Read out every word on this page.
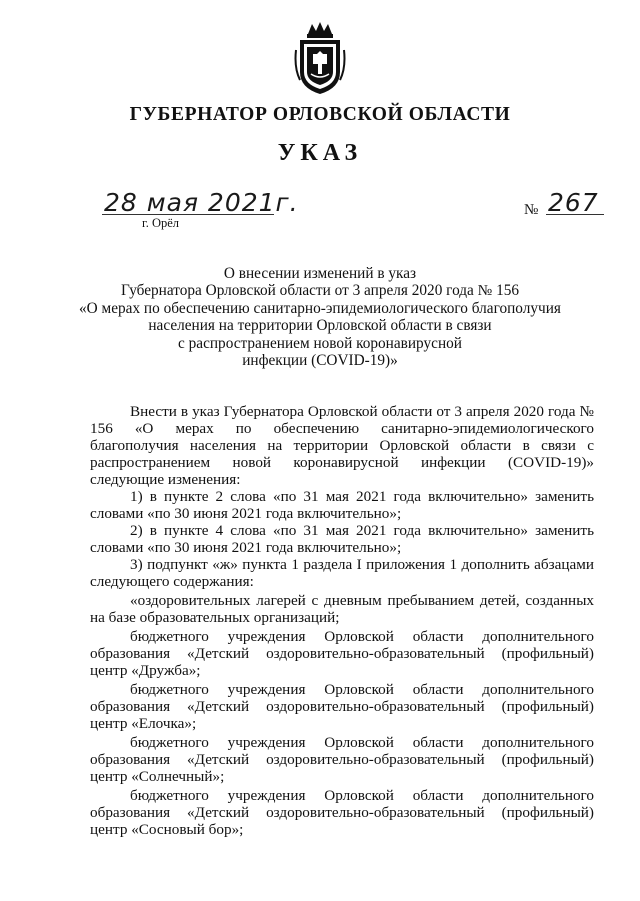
ГУБЕРНАТОР ОРЛОВСКОЙ ОБЛАСТИ
УКАЗ
28 мая 2021г.
г. Орёл
№ 267
О внесении изменений в указ
Губернатора Орловской области от 3 апреля 2020 года № 156
«О мерах по обеспечению санитарно-эпидемиологического благополучия
населения на территории Орловской области в связи
с распространением новой коронавирусной
инфекции (COVID-19)»

Внести в указ Губернатора Орловской области от 3 апреля 2020 года № 156 «О мерах по обеспечению санитарно-эпидемиологического благополучия населения на территории Орловской области в связи с распространением новой коронавирусной инфекции (COVID-19)» следующие изменения:

1) в пункте 2 слова «по 31 мая 2021 года включительно» заменить словами «по 30 июня 2021 года включительно»;

2) в пункте 4 слова «по 31 мая 2021 года включительно» заменить словами «по 30 июня 2021 года включительно»;

3) подпункт «ж» пункта 1 раздела I приложения 1 дополнить абзацами следующего содержания:

«оздоровительных лагерей с дневным пребыванием детей, созданных на базе образовательных организаций;

бюджетного учреждения Орловской области дополнительного образования «Детский оздоровительно-образовательный (профильный) центр «Дружба»;

бюджетного учреждения Орловской области дополнительного образования «Детский оздоровительно-образовательный (профильный) центр «Елочка»;

бюджетного учреждения Орловской области дополнительного образования «Детский оздоровительно-образовательный (профильный) центр «Солнечный»;

бюджетного учреждения Орловской области дополнительного образования «Детский оздоровительно-образовательный (профильный) центр «Сосновый бор»;
